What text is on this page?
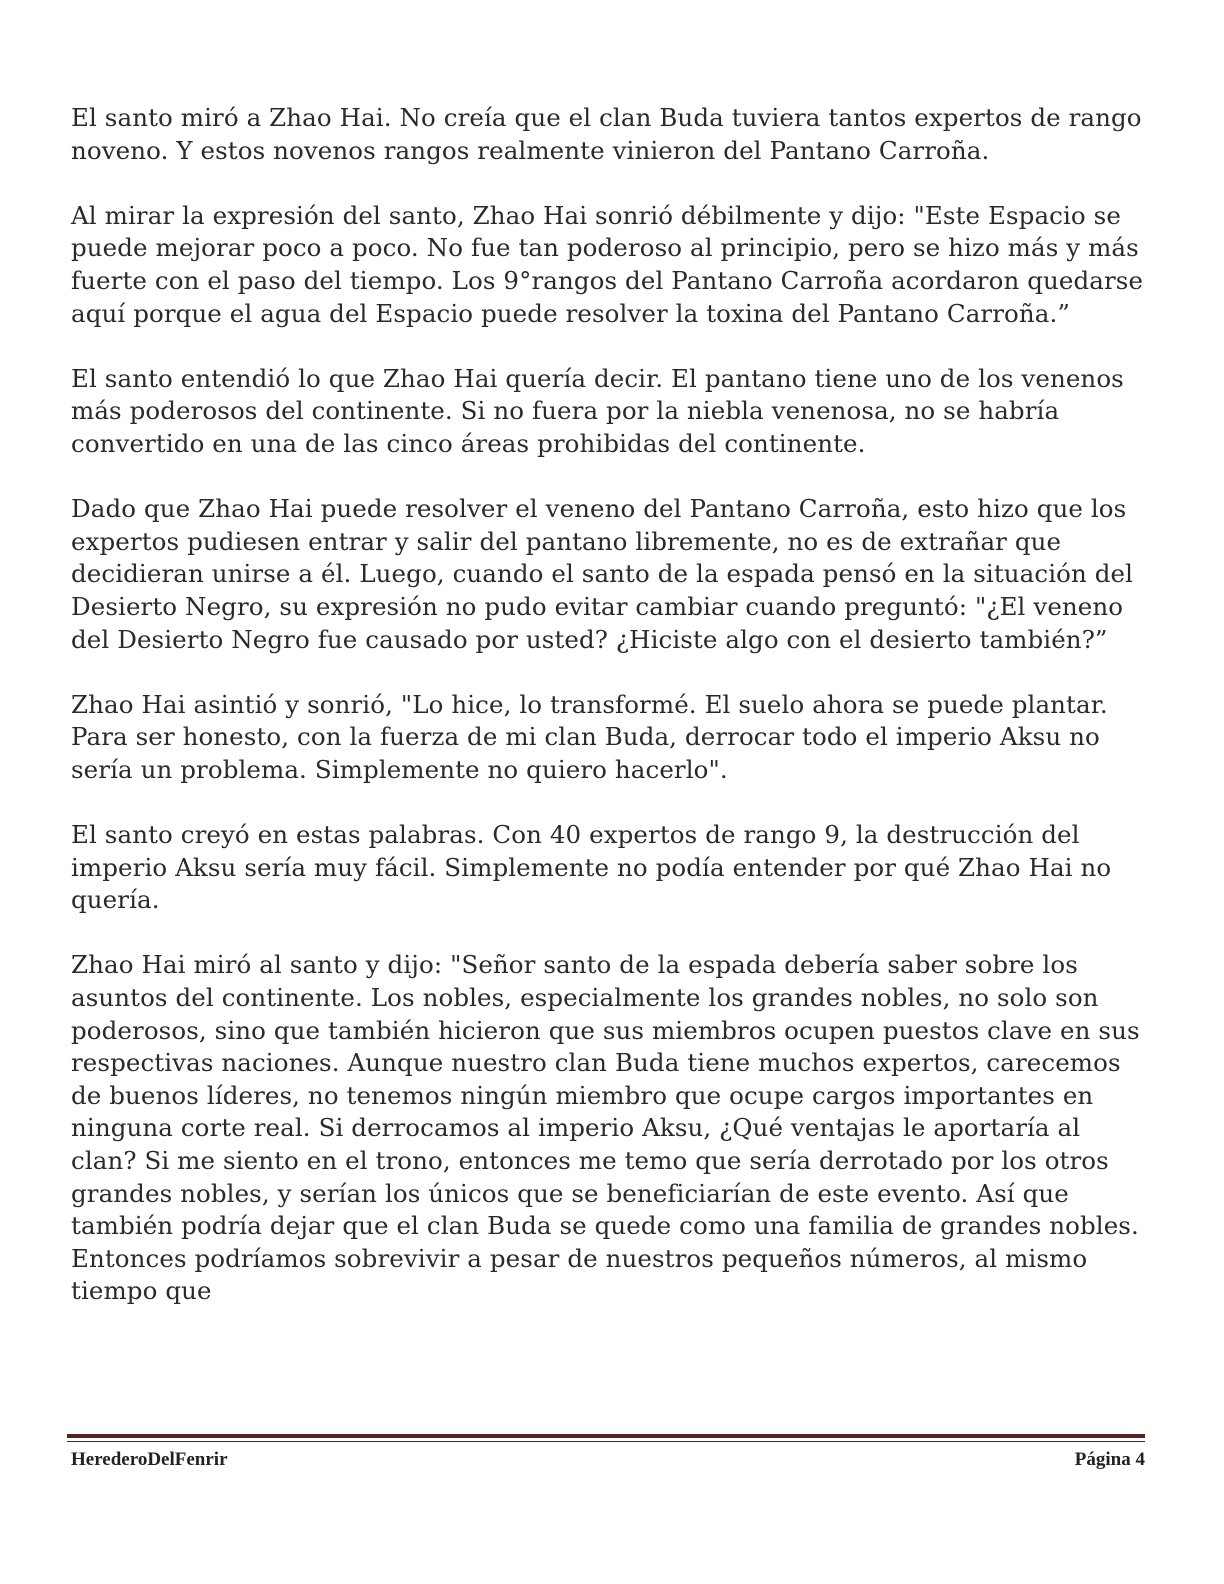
El santo miró a Zhao Hai. No creía que el clan Buda tuviera tantos expertos de rango noveno. Y estos novenos rangos realmente vinieron del Pantano Carroña.

Al mirar la expresión del santo, Zhao Hai sonrió débilmente y dijo: "Este Espacio se puede mejorar poco a poco. No fue tan poderoso al principio, pero se hizo más y más fuerte con el paso del tiempo. Los 9°rangos del Pantano Carroña acordaron quedarse aquí porque el agua del Espacio puede resolver la toxina del Pantano Carroña.”

El santo entendió lo que Zhao Hai quería decir. El pantano tiene uno de los venenos más poderosos del continente. Si no fuera por la niebla venenosa, no se habría convertido en una de las cinco áreas prohibidas del continente.

Dado que Zhao Hai puede resolver el veneno del Pantano Carroña, esto hizo que los expertos pudiesen entrar y salir del pantano libremente, no es de extrañar que decidieran unirse a él. Luego, cuando el santo de la espada pensó en la situación del Desierto Negro, su expresión no pudo evitar cambiar cuando preguntó: "¿El veneno del Desierto Negro fue causado por usted? ¿Hiciste algo con el desierto también?”

Zhao Hai asintió y sonrió, "Lo hice, lo transformé. El suelo ahora se puede plantar. Para ser honesto, con la fuerza de mi clan Buda, derrocar todo el imperio Aksu no sería un problema. Simplemente no quiero hacerlo".

El santo creyó en estas palabras. Con 40 expertos de rango 9, la destrucción del imperio Aksu sería muy fácil. Simplemente no podía entender por qué Zhao Hai no quería.

Zhao Hai miró al santo y dijo: "Señor santo de la espada debería saber sobre los asuntos del continente. Los nobles, especialmente los grandes nobles, no solo son poderosos, sino que también hicieron que sus miembros ocupen puestos clave en sus respectivas naciones. Aunque nuestro clan Buda tiene muchos expertos, carecemos de buenos líderes, no tenemos ningún miembro que ocupe cargos importantes en ninguna corte real. Si derrocamos al imperio Aksu, ¿Qué ventajas le aportaría al clan? Si me siento en el trono, entonces me temo que sería derrotado por los otros grandes nobles, y serían los únicos que se beneficiarían de este evento. Así que también podría dejar que el clan Buda se quede como una familia de grandes nobles. Entonces podríamos sobrevivir a pesar de nuestros pequeños números, al mismo tiempo que

HerederoDelFenrir	Página 4
